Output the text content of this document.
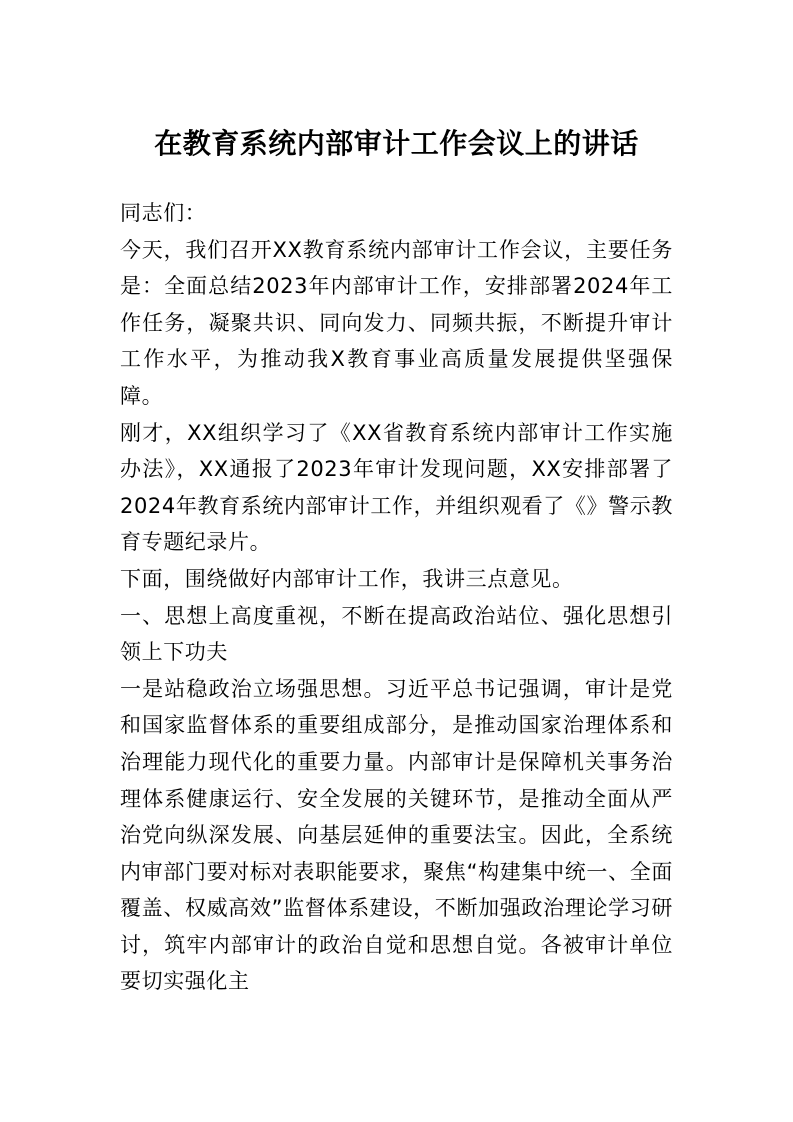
在教育系统内部审计工作会议上的讲话

同志们：

今天，我们召开XX教育系统内部审计工作会议，主要任务是：全面总结2023年内部审计工作，安排部署2024年工作任务，凝聚共识、同向发力、同频共振，不断提升审计工作水平，为推动我X教育事业高质量发展提供坚强保障。

刚才，XX组织学习了《XX省教育系统内部审计工作实施办法》，XX通报了2023年审计发现问题，XX安排部署了2024年教育系统内部审计工作，并组织观看了《》警示教育专题纪录片。

下面，围绕做好内部审计工作，我讲三点意见。

一、思想上高度重视，不断在提高政治站位、强化思想引领上下功夫

一是站稳政治立场强思想。习近平总书记强调，审计是党和国家监督体系的重要组成部分，是推动国家治理体系和治理能力现代化的重要力量。内部审计是保障机关事务治理体系健康运行、安全发展的关键环节，是推动全面从严治党向纵深发展、向基层延伸的重要法宝。因此，全系统内审部门要对标对表职能要求，聚焦“构建集中统一、全面覆盖、权威高效”监督体系建设，不断加强政治理论学习研讨，筑牢内部审计的政治自觉和思想自觉。各被审计单位要切实强化主
